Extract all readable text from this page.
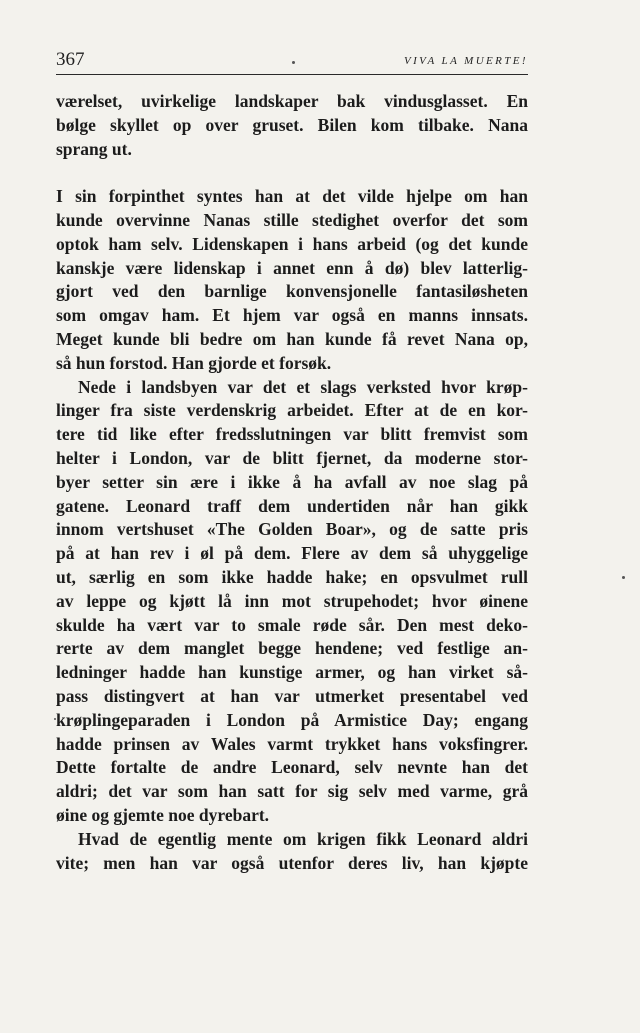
367	VIVA LA MUERTE!
værelset, uvirkelige landskaper bak vindusglasset. En
bølge skyllet op over gruset. Bilen kom tilbake. Nana
sprang ut.
I sin forpinthet syntes han at det vilde hjelpe om han
kunde overvinne Nanas stille stedighet overfor det som
optok ham selv. Lidenskapen i hans arbeid (og det kunde
kanskje være lidenskap i annet enn å dø) blev latterlig-
gjort ved den barnlige konvensjonelle fantasiløsheten
som omgav ham. Et hjem var også en manns innsats.
Meget kunde bli bedre om han kunde få revet Nana op,
så hun forstod. Han gjorde et forsøk.
Nede i landsbyen var det et slags verksted hvor krøp-
linger fra siste verdenskrig arbeidet. Efter at de en kor-
tere tid like efter fredsslutningen var blitt fremvist som
helter i London, var de blitt fjernet, da moderne stor-
byer setter sin ære i ikke å ha avfall av noe slag på
gatene. Leonard traff dem undertiden når han gikk
innom vertshuset «The Golden Boar», og de satte pris
på at han rev i øl på dem. Flere av dem så uhyggelige
ut, særlig en som ikke hadde hake; en opsvulmet rull
av leppe og kjøtt lå inn mot strupehodet; hvor øinene
skulde ha vært var to smale røde sår. Den mest deko-
rerte av dem manglet begge hendene; ved festlige an-
ledninger hadde han kunstige armer, og han virket så-
pass distingvert at han var utmerket presentabel ved
krøplingeparaden i London på Armistice Day; engang
hadde prinsen av Wales varmt trykket hans voksfingrer.
Dette fortalte de andre Leonard, selv nevnte han det
aldri; det var som han satt for sig selv med varme, grå
øine og gjemte noe dyrebart.
Hvad de egentlig mente om krigen fikk Leonard aldri
vite; men han var også utenfor deres liv, han kjøpte
